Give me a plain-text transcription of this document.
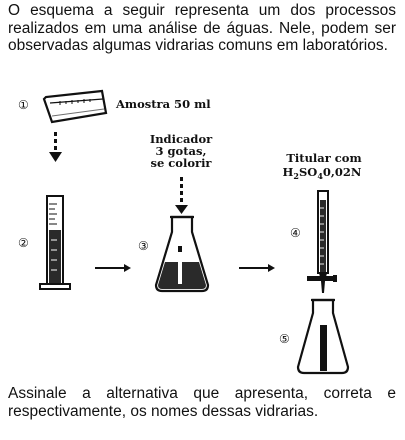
O esquema a seguir representa um dos processos realizados em uma análise de águas. Nele, podem ser observadas algumas vidrarias comuns em laboratórios.

①	Amostra 50 ml
②
Indicador
3 gotas,
se colorir
③
Titular com
$H_2SO_40,02N$
④
⑤

Assinale a alternativa que apresenta, correta e respectivamente, os nomes dessas vidrarias.
